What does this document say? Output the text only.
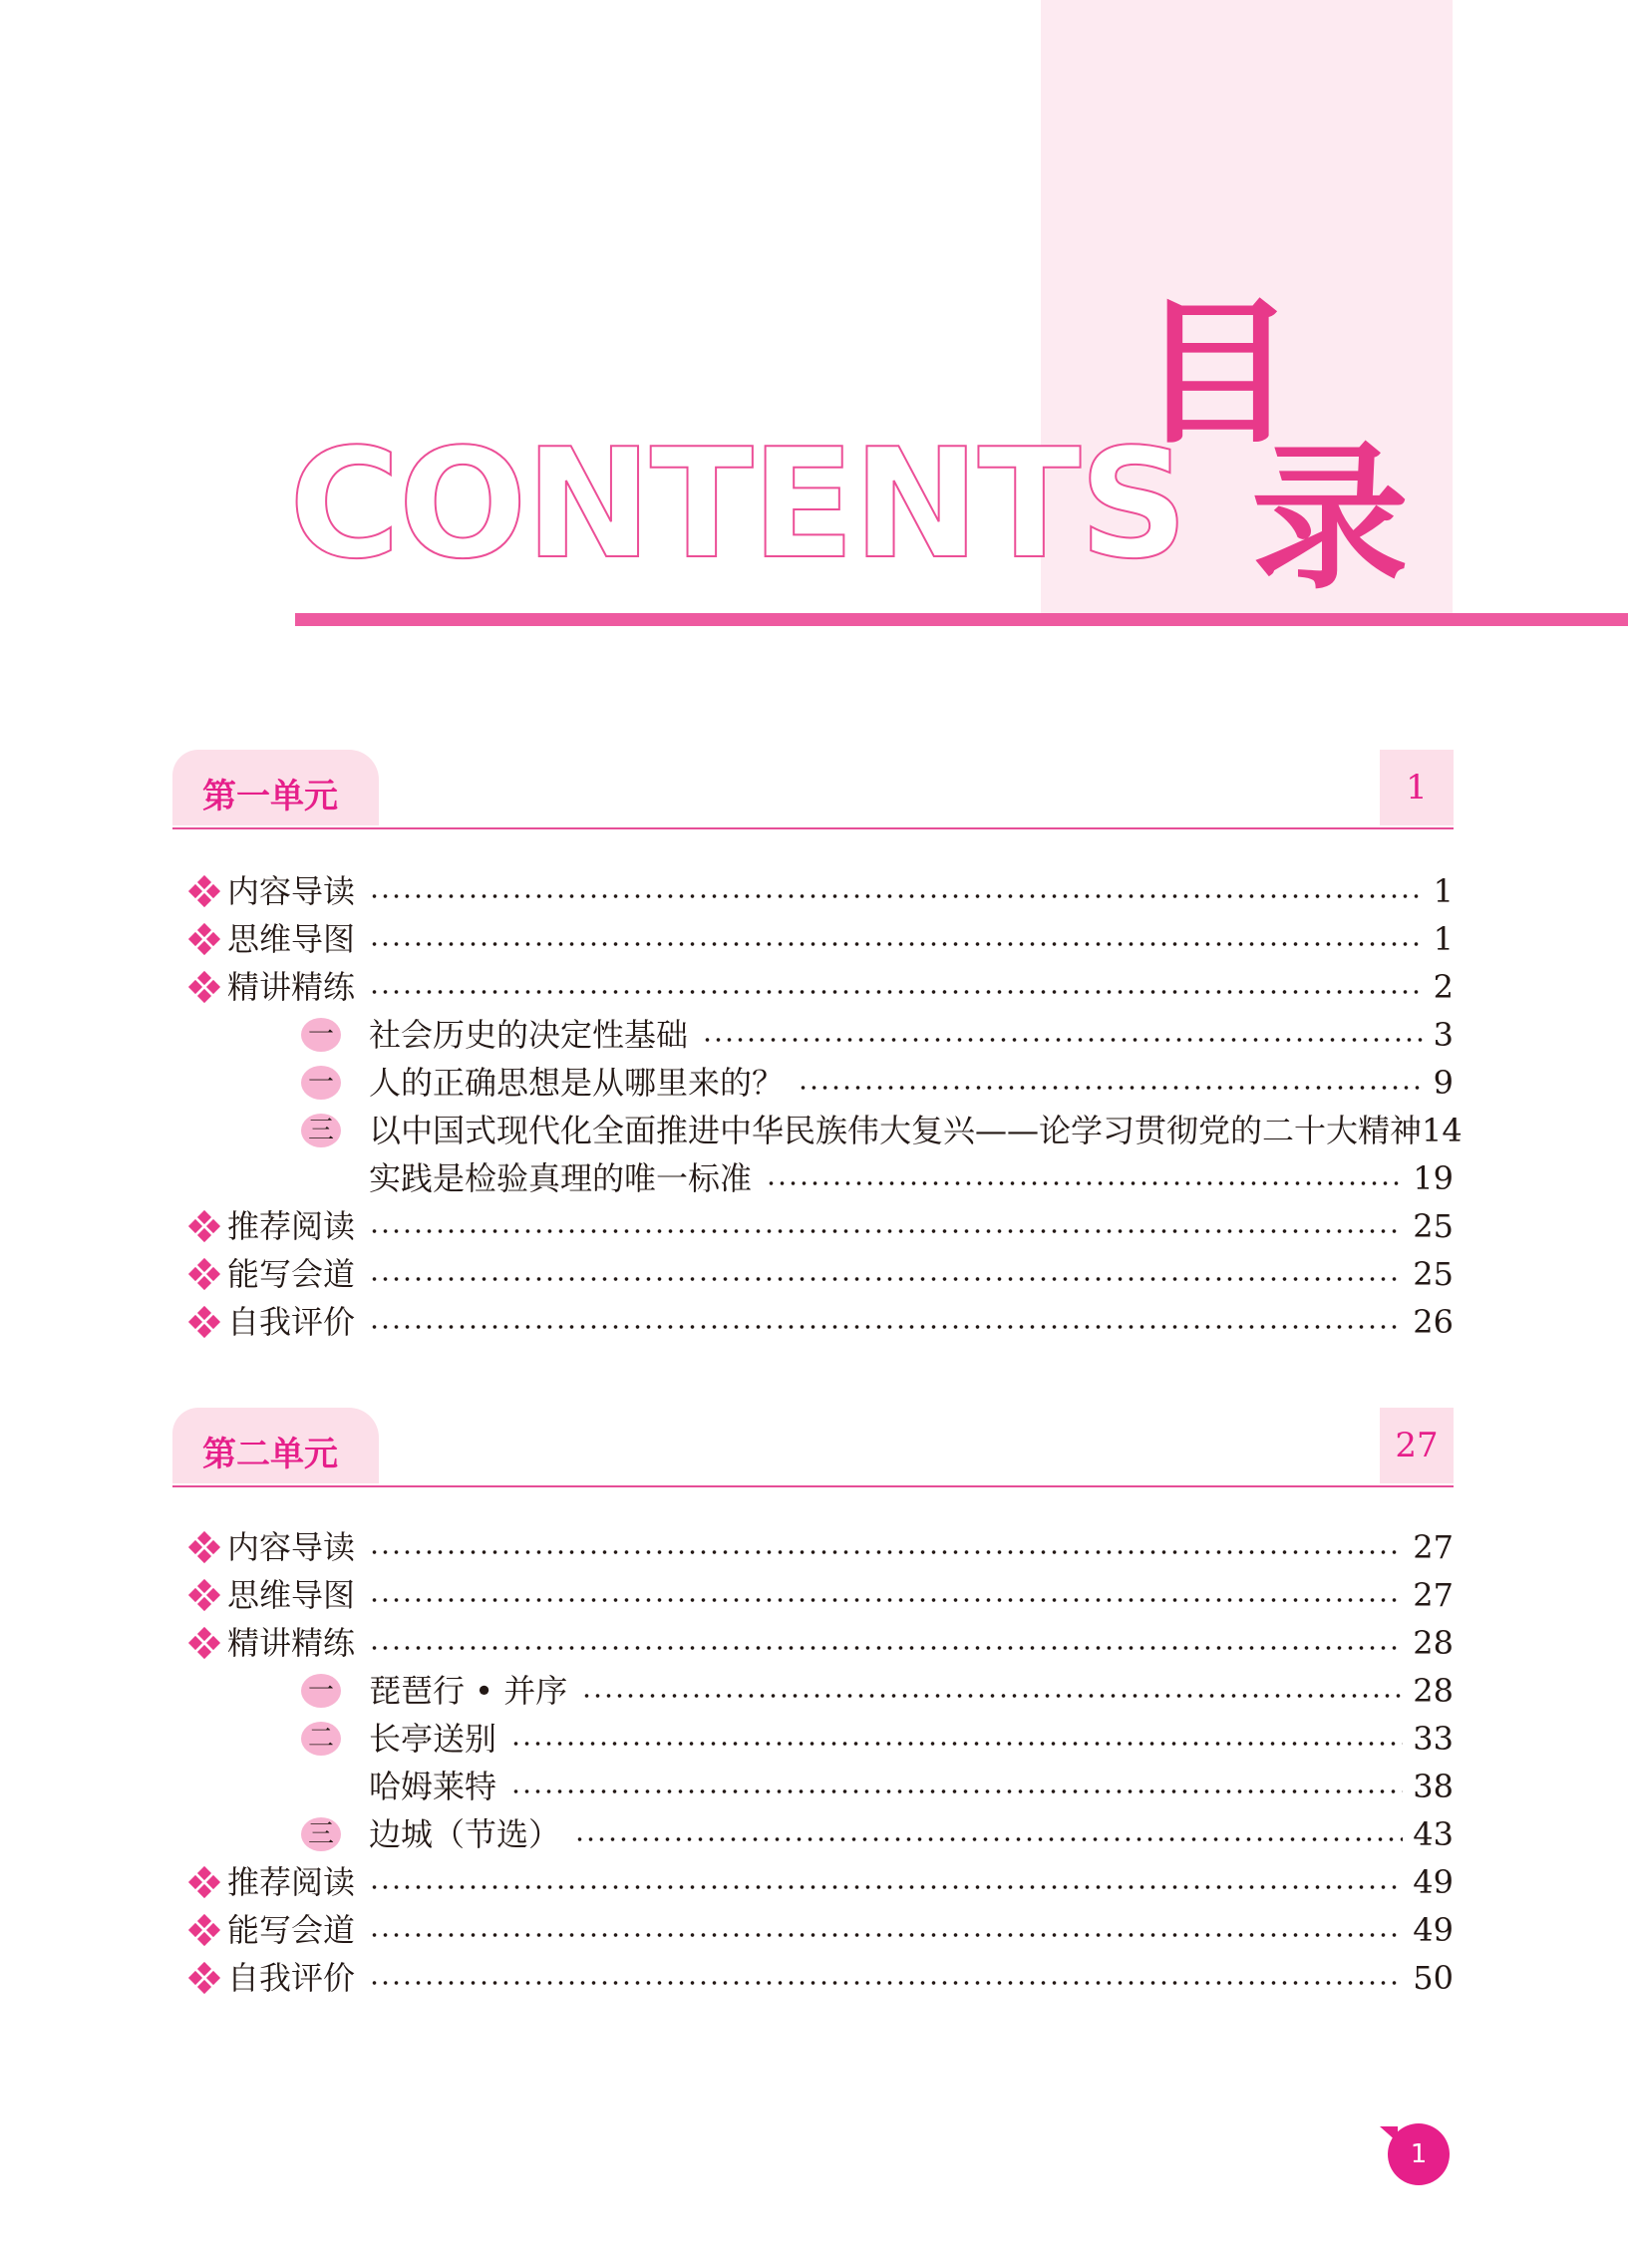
CONTENTS
目
录
第一单元	1
内容导读	1
思维导图	1
精讲精练	2
一 社会历史的决定性基础	3
一 人的正确思想是从哪里来的？	9
三 以中国式现代化全面推进中华民族伟大复兴——论学习贯彻党的二十大精神 14
实践是检验真理的唯一标准	19
推荐阅读	25
能写会道	25
自我评价	26
第二单元	27
内容导读	27
思维导图	27
精讲精练	28
一 琵琶行 • 并序	28
二 长亭送别	33
哈姆莱特	38
三 边城（节选）	43
推荐阅读	49
能写会道	49
自我评价	50
1
